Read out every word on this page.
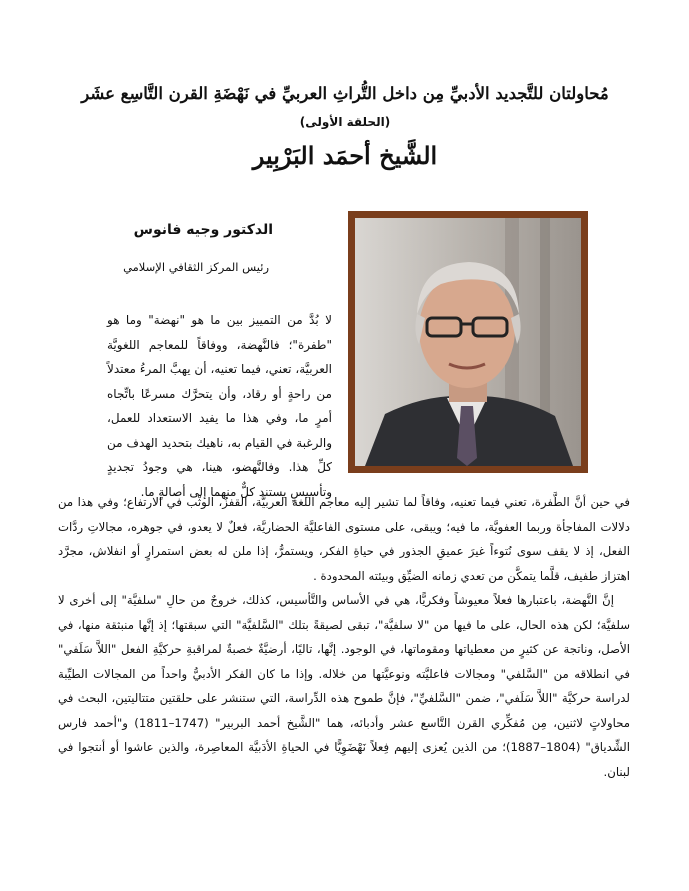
مُحاولتان للتَّجديد الأدبيِّ مِن داخل التُّراثِ العربيِّ في نَهْضَةِ القرن التَّاسِع عشَر
(الحلقة الأولى)
الشَّيخ أحمَد البَرْبِير
الدكتور وجيه فانوس
رئيس المركز الثقافي الإسلامي

لا بُدَّ من التمييز بين ما هو "نهضة" وما هو "طفرة"؛ فالنَّهضة، ووفاقاً للمعاجم اللغويَّة العربيَّة، تعني، فيما تعنيه، أن يهبَّ المرءُ معتدلاً من راحةٍ أو رقاد، وأن يتحرَّك مسرعًا باتِّجاه أمرٍ ما، وفي هذا ما يفيد الاستعداد للعمل، والرغبة في القيام به، ناهيك بتحديد الهدف من كلِّ هذا. وفالنَّهضو، هينا، هي وجودُ تجديدٍ وتأسيسٍ يستند كلٌّ منهما إلى أصالةٍ ما.

في حين أنَّ الطَّفرة، تعني فيما تعنيه، وفاقاً لما تشير إليه معاجم اللغة العربيَّة، القفزُ، الوثْب في الارتفاع؛ وفي هذا من دلالات المفاجأة وربما العفويَّة، ما فيه؛ ويبقى، على مستوى الفاعليَّة الحضاريَّة، فعلٌ لا يعدو، في جوهره، مجالاتِ ردَّات الفعل، إذ لا يقف سوى نُتوءاً غيرَ عميقِ الجذور في حياةِ الفكر، ويستمرُّ، إذا ملن له بعض استمرارٍ أو انفلاش، مجرَّد اهتزاز طفيف، قلَّما يتمكَّن من تعدي زمانه الضيِّق وبيئته المحدودة .

إنَّ النَّهضة، باعتبارها فعلاً معيوشاً وفكريًّا، هي في الأساس والتَّأسيس، كذلك، خروجٌ من حالِ "سلفيَّة" إلى أخرى لا سلفيَّة؛ لكن هذه الحال، على ما فيها من "لا سلفيَّة"، تبقى لصيقةً بتلك "السَّلفيَّة" التي سبقتها؛ إذ إنَّها منبثقة منها، في الأصل، وناتجة عن كثيرٍ من معطياتها ومقوماتها، في الوجود. إنَّها، تاليًا، أرضيَّةٌ خصبةٌ لمراقبةِ حركيَّةِ الفعل "اللاَّ سَلَفي" في انطلاقه من "السَّلفي" ومجالات فاعليَّته ونوعيَّتها من خلاله. وإذا ما كان الفكر الأدبيُّ واحداً من المجالات الطيِّبة لدراسة حركيَّة "اللاَّ سَلَفي"، ضمن "السَّلفيِّ"، فإنَّ طموح هذه الدِّراسة، التي ستنشر على حلقتين متتاليتين، البحث في محاولاتٍ لاثنين، مِن مُفكِّري القرن التَّاسع عشر وأدبائه، هما "الشَّيخ أحمد البربير" (1747–1811) و"أحمد فارس الشِّدياق" (1804–1887)؛ من الذين يُعزى إليهم فِعلاً نَهْضَوِيًّا في الحياةِ الأدَبيَّة المعاصِرة، والذين عاشوا أو أنتجوا في لبنان.
